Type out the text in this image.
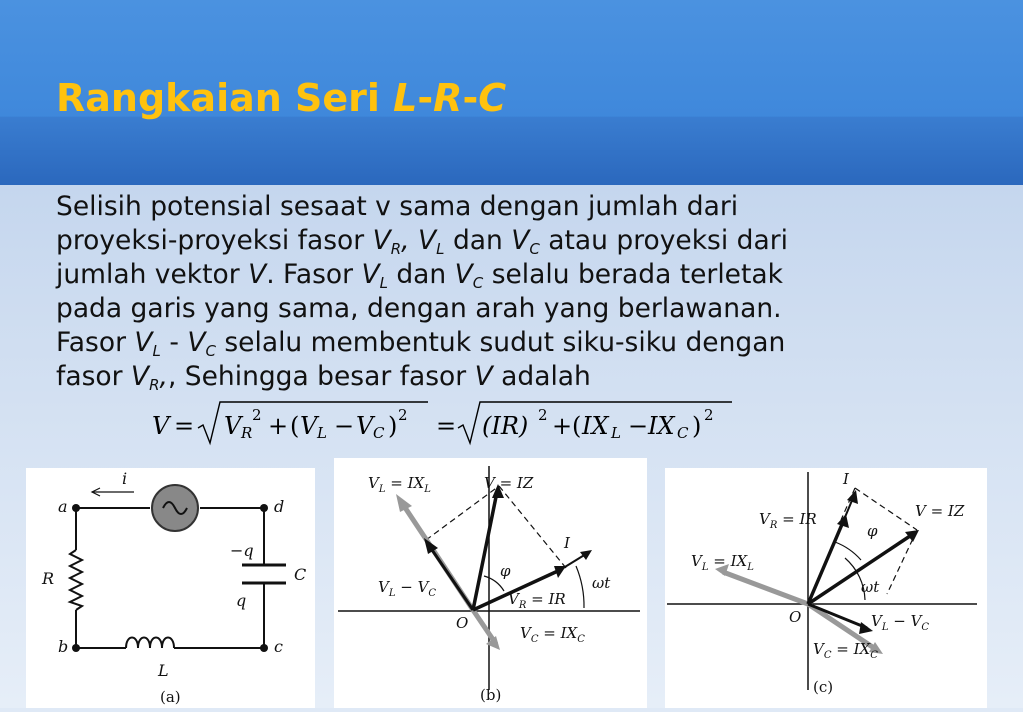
Rangkaian Seri L-R-C

Selisih potensial sesaat v sama dengan jumlah dari
proyeksi-proyeksi fasor $V_R$, $V_L$ dan $V_C$ atau proyeksi dari
jumlah vektor V. Fasor $V_L$ dan $V_C$ selalu berada terletak
pada garis yang sama, dengan arah yang berlawanan.
Fasor $V_L - V_C$ selalu membentuk sudut siku-siku dengan
fasor $V_R$,, Sehingga besar fasor V adalah

V = V R
2 + ( V L − V C ) 2 = (IR) 2 + ( IX L − IX C ) 2
i
a	d
b	c
R	C
−q
q
L
(a)
$V_L = IX_L$	V = IZ
I
φ
ωt
$V_L - V_C$	$V_R$ = IR
O
$V_C = IX_C$
(b)
I
V = IZ
$V_R$ = IR
φ
$V_L = IX_L$
ωt
O	$V_L - V_C$
$V_C = IX_C$
(c)
